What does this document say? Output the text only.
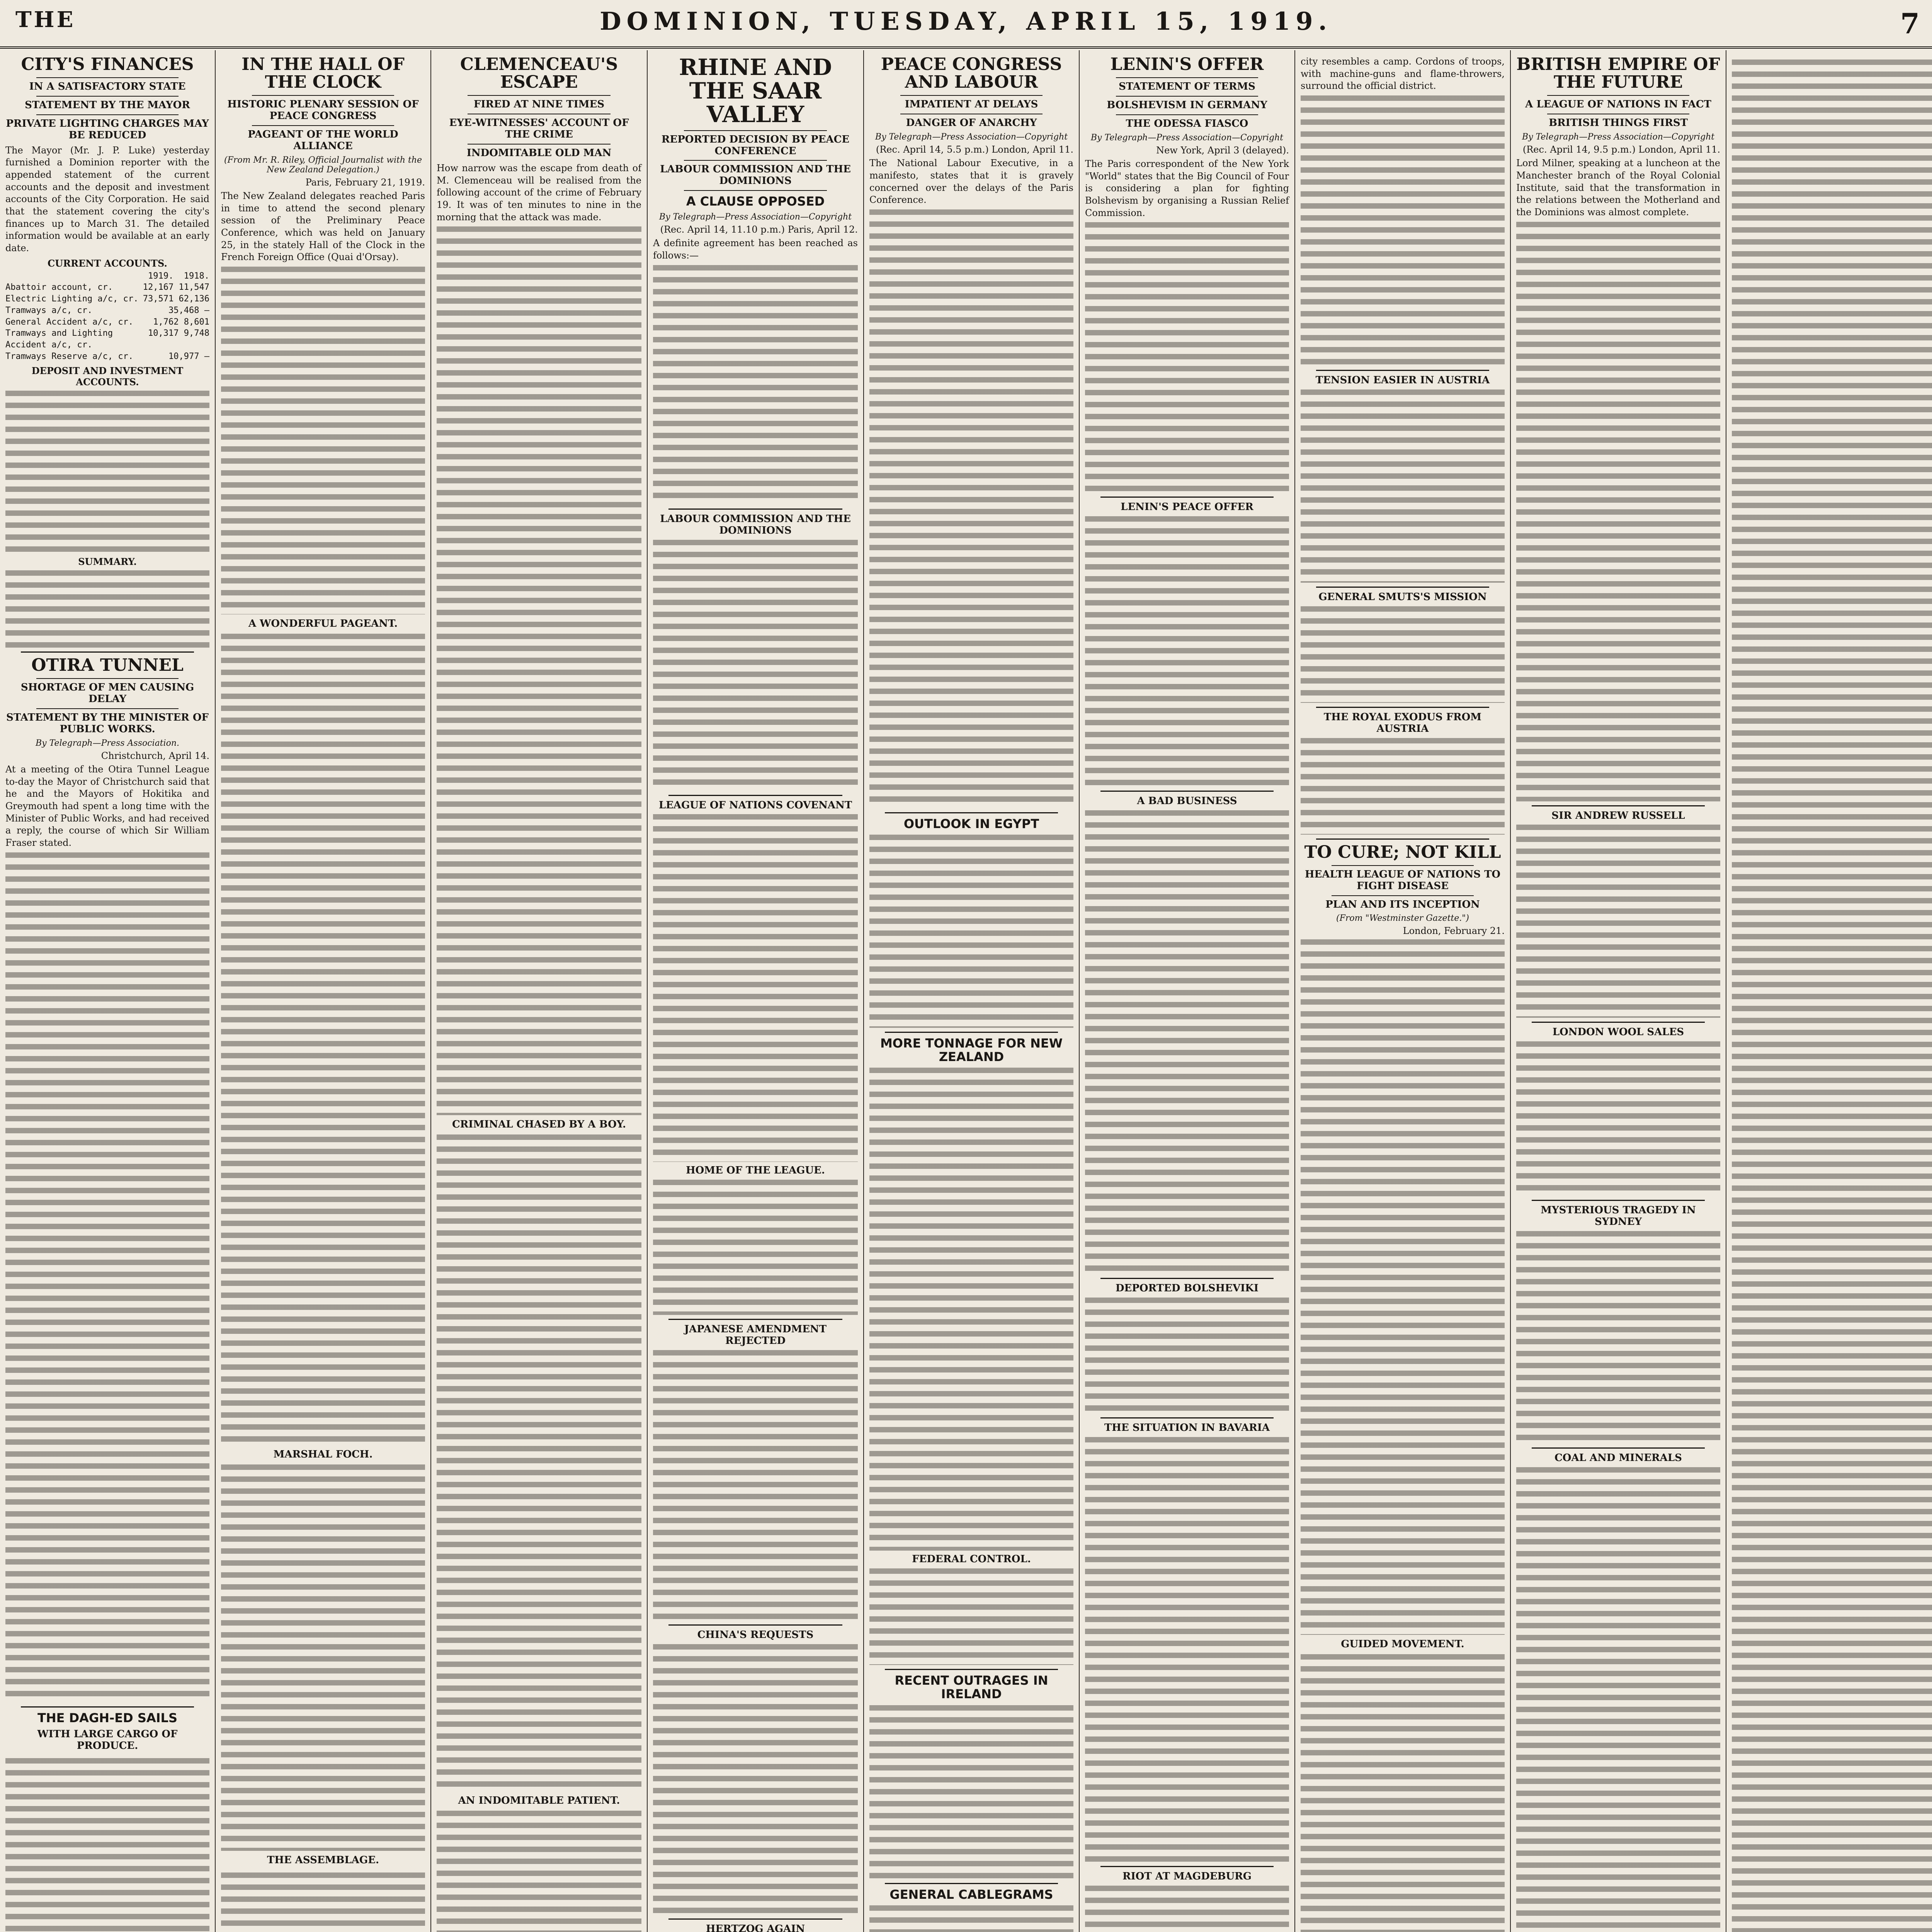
THE	DOMINION, TUESDAY, APRIL 15, 1919.	7
CITY'S FINANCES
IN A SATISFACTORY STATE
STATEMENT BY THE MAYOR
PRIVATE LIGHTING CHARGES MAY BE REDUCED
The Mayor (Mr. J. P. Luke) yesterday furnished a Dominion reporter with the appended statement of the current accounts and the deposit and investment accounts of the City Corporation. He said that the statement covering the city's finances up to March 31. The detailed information would be available at an early date.
CURRENT ACCOUNTS.
1919. 1918.
Abattoir account, cr.	12,167 11,547
Electric Lighting a/c, cr. 73,571 62,136
Tramways a/c, cr.	35,468 —
General Accident a/c, cr. 1,762 8,601
Tramways and Lighting Accident a/c, cr.
10,317 9,748
Tramways Reserve a/c, cr.	10,977 —
DEPOSIT AND INVESTMENT ACCOUNTS.
SUMMARY.
OTIRA TUNNEL
SHORTAGE OF MEN CAUSING DELAY
STATEMENT BY THE MINISTER OF PUBLIC WORKS.
By Telegraph—Press Association.
Christchurch, April 14.
At a meeting of the Otira Tunnel League to-day the Mayor of Christchurch said that he and the Mayors of Hokitika and Greymouth had spent a long time with the Minister of Public Works, and had received a reply, the course of which Sir William Fraser stated.
THE DAGH-ED SAILS
WITH LARGE CARGO OF PRODUCE.
IN THE HALL OF THE CLOCK
HISTORIC PLENARY SESSION OF PEACE CONGRESS
PAGEANT OF THE WORLD ALLIANCE
(From Mr. R. Riley, Official Journalist with the New Zealand Delegation.)
Paris, February 21, 1919.
The New Zealand delegates reached Paris in time to attend the second plenary session of the Preliminary Peace Conference, which was held on January 25, in the stately Hall of the Clock in the French Foreign Office (Quai d'Orsay).
A WONDERFUL PAGEANT.
MARSHAL FOCH.
THE ASSEMBLAGE.
CLEMENCEAU'S ESCAPE
FIRED AT NINE TIMES
EYE-WITNESSES' ACCOUNT OF THE CRIME
INDOMITABLE OLD MAN
How narrow was the escape from death of M. Clemenceau will be realised from the following account of the crime of February 19. It was of ten minutes to nine in the morning that the attack was made.
CRIMINAL CHASED BY A BOY.
AN INDOMITABLE PATIENT.
RHINE AND THE SAAR VALLEY
REPORTED DECISION BY PEACE CONFERENCE
LABOUR COMMISSION AND THE DOMINIONS
A CLAUSE OPPOSED
By Telegraph—Press Association—Copyright
(Rec. April 14, 11.10 p.m.) Paris, April 12.
A definite agreement has been reached as follows:—
LABOUR COMMISSION AND THE DOMINIONS
LEAGUE OF NATIONS COVENANT
HOME OF THE LEAGUE.
JAPANESE AMENDMENT REJECTED
CHINA'S REQUESTS
HERTZOG AGAIN
PEACE CONGRESS AND LABOUR
IMPATIENT AT DELAYS
DANGER OF ANARCHY
By Telegraph—Press Association—Copyright
(Rec. April 14, 5.5 p.m.) London, April 11.
The National Labour Executive, in a manifesto, states that it is gravely concerned over the delays of the Paris Conference.
OUTLOOK IN EGYPT
MORE TONNAGE FOR NEW ZEALAND
FEDERAL CONTROL.
RECENT OUTRAGES IN IRELAND
GENERAL CABLEGRAMS
LENIN'S OFFER
STATEMENT OF TERMS
BOLSHEVISM IN GERMANY
THE ODESSA FIASCO
By Telegraph—Press Association—Copyright
New York, April 3 (delayed).
The Paris correspondent of the New York "World" states that the Big Council of Four is considering a plan for fighting Bolshevism by organising a Russian Relief Commission.
LENIN'S PEACE OFFER
A BAD BUSINESS
DEPORTED BOLSHEVIKI
THE SITUATION IN BAVARIA
RIOT AT MAGDEBURG
city resembles a camp. Cordons of troops, with machine-guns and flame-throwers, surround the official district.
TENSION EASIER IN AUSTRIA
GENERAL SMUTS'S MISSION
THE ROYAL EXODUS FROM AUSTRIA
TO CURE; NOT KILL
HEALTH LEAGUE OF NATIONS TO FIGHT DISEASE
PLAN AND ITS INCEPTION
(From "Westminster Gazette.")
London, February 21.
GUIDED MOVEMENT.
BRITISH EMPIRE OF THE FUTURE
A LEAGUE OF NATIONS IN FACT
BRITISH THINGS FIRST
By Telegraph—Press Association—Copyright
(Rec. April 14, 9.5 p.m.) London, April 11.
Lord Milner, speaking at a luncheon at the Manchester branch of the Royal Colonial Institute, said that the transformation in the relations between the Motherland and the Dominions was almost complete.
SIR ANDREW RUSSELL
LONDON WOOL SALES
MYSTERIOUS TRAGEDY IN SYDNEY
COAL AND MINERALS
